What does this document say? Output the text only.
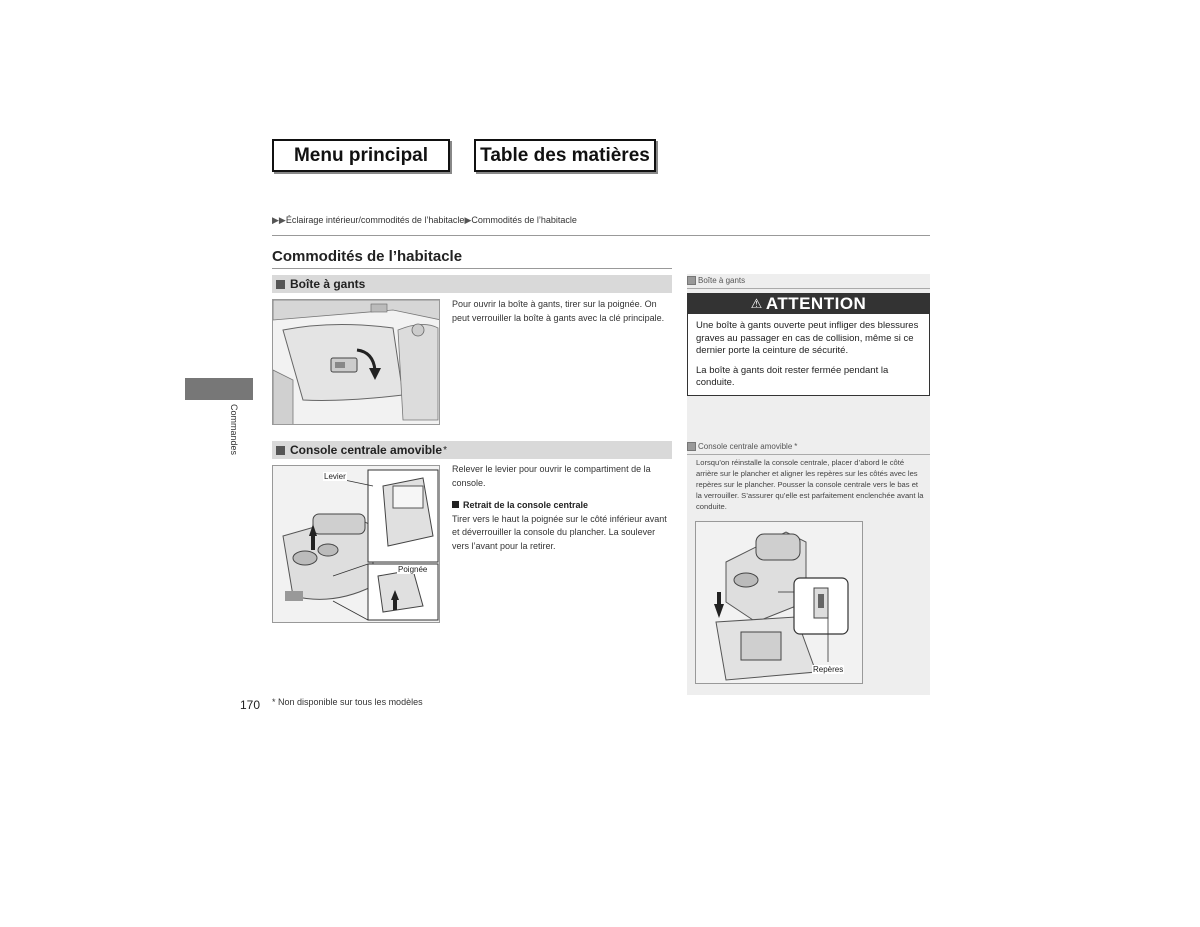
Menu principal	Table des matières
▶▶Éclairage intérieur/commodités de l’habitacle▶Commodités de l’habitacle
Commandes
Commodités de l’habitacle
Boîte à gants
Pour ouvrir la boîte à gants, tirer sur la poignée. On peut verrouiller la boîte à gants avec la clé principale.
Console centrale amovible *
Levier
Poignée
Relever le levier pour ouvrir le compartiment de la console.
Retrait de la console centrale
Tirer vers le haut la poignée sur le côté inférieur avant et déverrouiller la console du plancher. La soulever vers l’avant pour la retirer.
Boîte à gants
⚠ ATTENTION
Une boîte à gants ouverte peut infliger des blessures graves au passager en cas de collision, même si ce dernier porte la ceinture de sécurité.
La boîte à gants doit rester fermée pendant la conduite.
Console centrale amovible *
Lorsqu’on réinstalle la console centrale, placer d’abord le côté arrière sur le plancher et aligner les repères sur les côtés avec les repères sur le plancher. Pousser la console centrale vers le bas et la verrouiller. S’assurer qu’elle est parfaitement enclenchée avant la conduite.
Repères
170 * Non disponible sur tous les modèles
